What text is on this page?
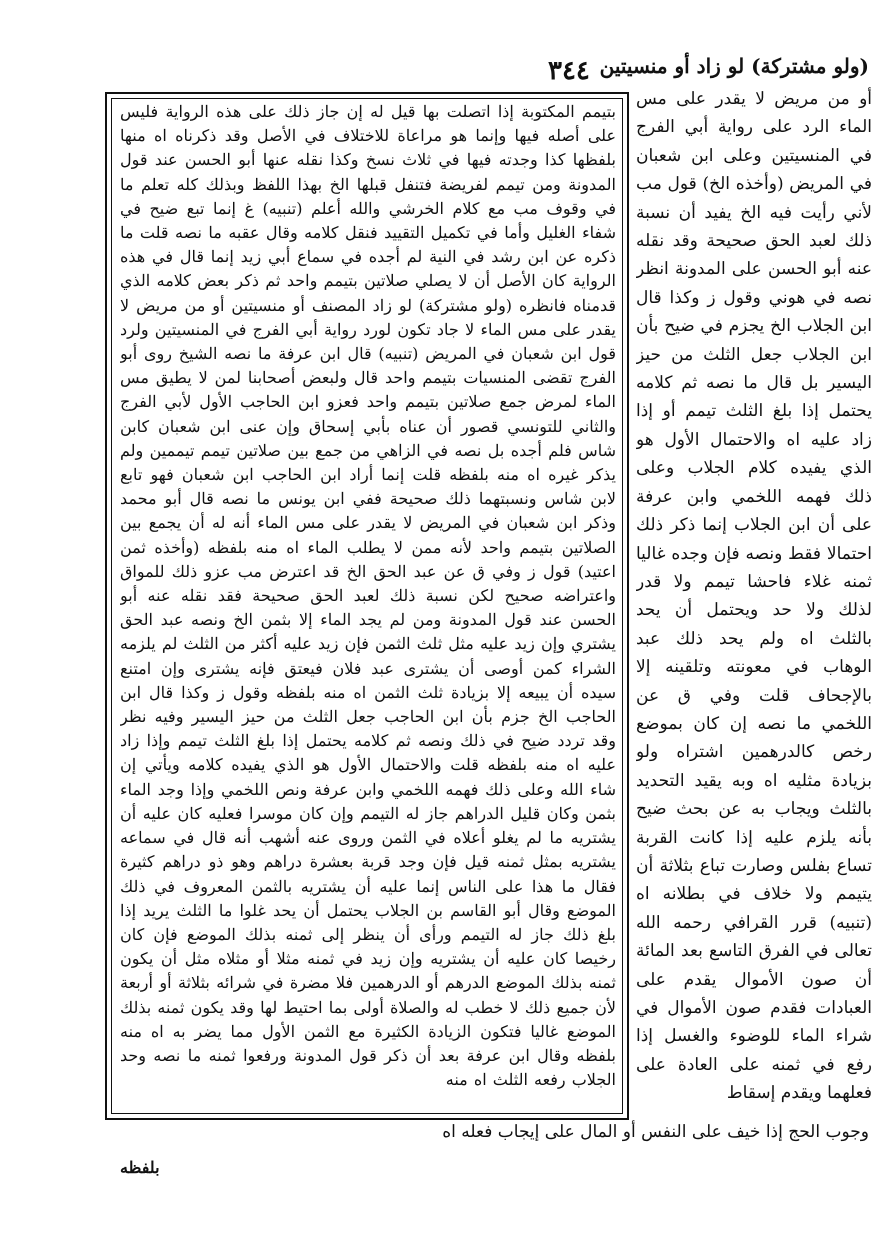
(ولو مشتركة) لو زاد أو منسيتين
٣٤٤

بتيمم المكتوبة إذا اتصلت بها قيل له إن جاز ذلك على هذه الرواية فليس على أصله فيها وإنما هو مراعاة للاختلاف في الأصل وقد ذكرناه اه منها بلفظها كذا وجدته فيها في ثلاث نسخ وكذا نقله عنها أبو الحسن عند قول المدونة ومن تيمم لفريضة فتنفل قبلها الخ بهذا اللفظ وبذلك كله تعلم ما في وقوف مب مع كلام الخرشي والله أعلم (تنبيه) غ إنما تبع ضيح في شفاء الغليل وأما في تكميل التقييد فنقل كلامه وقال عقبه ما نصه قلت ما ذكره عن ابن رشد في النية لم أجده في سماع أبي زيد إنما قال في هذه الرواية كان الأصل أن لا يصلي صلاتين بتيمم واحد ثم ذكر بعض كلامه الذي قدمناه فانظره (ولو مشتركة) لو زاد المصنف أو منسيتين أو من مريض لا يقدر على مس الماء لا جاد تكون لورد رواية أبي الفرج في المنسيتين ولرد قول ابن شعبان في المريض (تنبيه) قال ابن عرفة ما نصه الشيخ روى أبو الفرج تقضى المنسيات بتيمم واحد قال ولبعض أصحابنا لمن لا يطيق مس الماء لمرض جمع صلاتين بتيمم واحد فعزو ابن الحاجب الأول لأبي الفرج والثاني للتونسي قصور أن عناه بأبي إسحاق وإن عنى ابن شعبان كابن شاس فلم أجده بل نصه في الزاهي من جمع بين صلاتين تيمم تيممين ولم يذكر غيره اه منه بلفظه قلت إنما أراد ابن الحاجب ابن شعبان فهو تابع لابن شاس ونسبتهما ذلك صحيحة ففي ابن يونس ما نصه قال أبو محمد وذكر ابن شعبان في المريض لا يقدر على مس الماء أنه له أن يجمع بين الصلاتين بتيمم واحد لأنه ممن لا يطلب الماء اه منه بلفظه (وأخذه ثمن اعتيد) قول ز وفي ق عن عبد الحق الخ قد اعترض مب عزو ذلك للمواق واعتراضه صحيح لكن نسبة ذلك لعبد الحق صحيحة فقد نقله عنه أبو الحسن عند قول المدونة ومن لم يجد الماء إلا بثمن الخ ونصه عبد الحق يشتري وإن زيد عليه مثل ثلث الثمن فإن زيد عليه أكثر من الثلث لم يلزمه الشراء كمن أوصى أن يشترى عبد فلان فيعتق فإنه يشترى وإن امتنع سيده أن يبيعه إلا بزيادة ثلث الثمن اه منه بلفظه وقول ز وكذا قال ابن الحاجب الخ جزم بأن ابن الحاجب جعل الثلث من حيز اليسير وفيه نظر وقد تردد ضيح في ذلك ونصه ثم كلامه يحتمل إذا بلغ الثلث تيمم وإذا زاد عليه اه منه بلفظه قلت والاحتمال الأول هو الذي يفيده كلامه ويأتي إن شاء الله وعلى ذلك فهمه اللخمي وابن عرفة ونص اللخمي وإذا وجد الماء بثمن وكان قليل الدراهم جاز له التيمم وإن كان موسرا فعليه كان عليه أن يشتريه ما لم يغلو أعلاه في الثمن وروى عنه أشهب أنه قال في سماعه يشتريه بمثل ثمنه قيل فإن وجد قربة بعشرة دراهم وهو ذو دراهم كثيرة فقال ما هذا على الناس إنما عليه أن يشتريه بالثمن المعروف في ذلك الموضع وقال أبو القاسم بن الجلاب يحتمل أن يحد غلوا ما الثلث يريد إذا بلغ ذلك جاز له التيمم ورأى أن ينظر إلى ثمنه بذلك الموضع فإن كان رخيصا كان عليه أن يشتريه وإن زيد في ثمنه مثلا أو مثلاه مثل أن يكون ثمنه بذلك الموضع الدرهم أو الدرهمين فلا مضرة في شرائه بثلاثة أو أربعة لأن جميع ذلك لا خطب له والصلاة أولى بما احتيط لها وقد يكون ثمنه بذلك الموضع غاليا فتكون الزيادة الكثيرة مع الثمن الأول مما يضر به اه منه بلفظه وقال ابن عرفة بعد أن ذكر قول المدونة ورفعوا ثمنه ما نصه وحد الجلاب رفعه الثلث اه منه

أو من مريض لا يقدر على مس الماء الرد على رواية أبي الفرج في المنسيتين وعلى ابن شعبان في المريض (وأخذه الخ) قول مب لأني رأيت فيه الخ يفيد أن نسبة ذلك لعبد الحق صحيحة وقد نقله عنه أبو الحسن على المدونة انظر نصه في هوني وقول ز وكذا قال ابن الجلاب الخ يجزم في ضيح بأن ابن الجلاب جعل الثلث من حيز اليسير بل قال ما نصه ثم كلامه يحتمل إذا بلغ الثلث تيمم أو إذا زاد عليه اه والاحتمال الأول هو الذي يفيده كلام الجلاب وعلى ذلك فهمه اللخمي وابن عرفة على أن ابن الجلاب إنما ذكر ذلك احتمالا فقط ونصه فإن وجده غاليا ثمنه غلاء فاحشا تيمم ولا قدر لذلك ولا حد ويحتمل أن يحد بالثلث اه ولم يحد ذلك عبد الوهاب في معونته وتلقينه إلا بالإجحاف قلت وفي ق عن اللخمي ما نصه إن كان بموضع رخص كالدرهمين اشتراه ولو بزيادة مثليه اه وبه يقيد التحديد بالثلث ويجاب به عن بحث ضيح بأنه يلزم عليه إذا كانت القربة تساع بفلس وصارت تباع بثلاثة أن يتيمم ولا خلاف في بطلانه اه (تنبيه) قرر القرافي رحمه الله تعالى في الفرق التاسع بعد المائة أن صون الأموال يقدم على العبادات فقدم صون الأموال في شراء الماء للوضوء والغسل إذا رفع في ثمنه على العادة على فعلهما ويقدم إسقاط

وجوب الحج إذا خيف على النفس أو المال على إيجاب فعله اه
بلفظه
